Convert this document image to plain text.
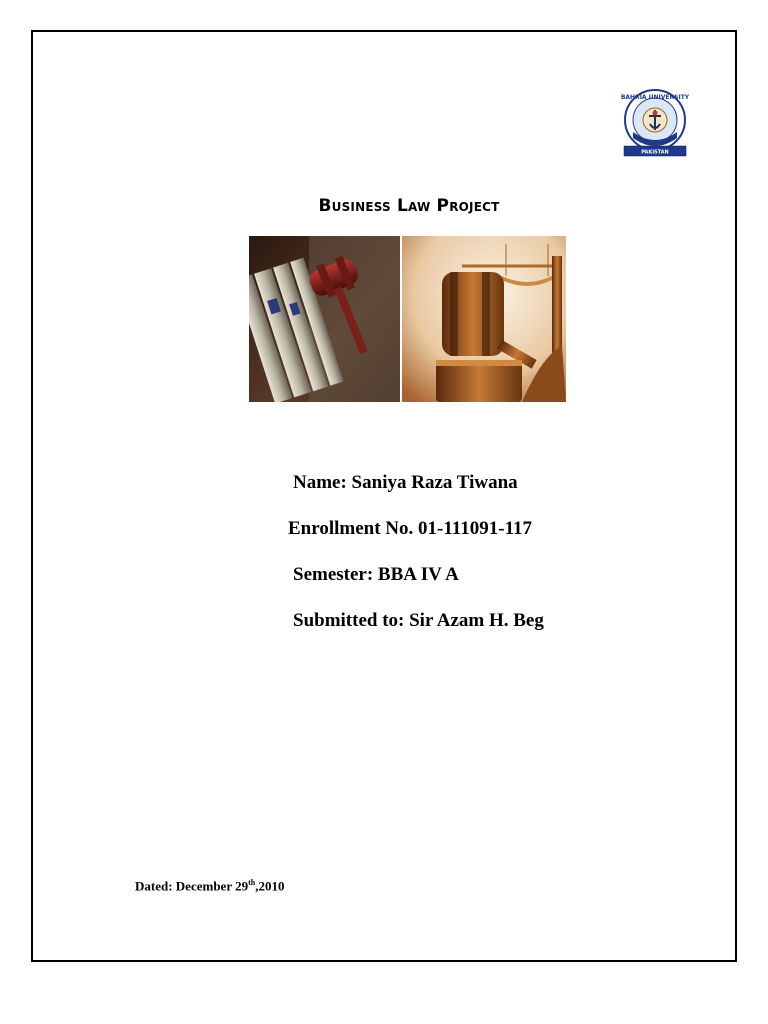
BAHRIA UNIVERSITY
PAKISTAN
Business Law Project
Name: Saniya Raza Tiwana
Enrollment No. 01-111091-117
Semester: BBA IV A
Submitted to: Sir Azam H. Beg
Dated: December 29th,2010
